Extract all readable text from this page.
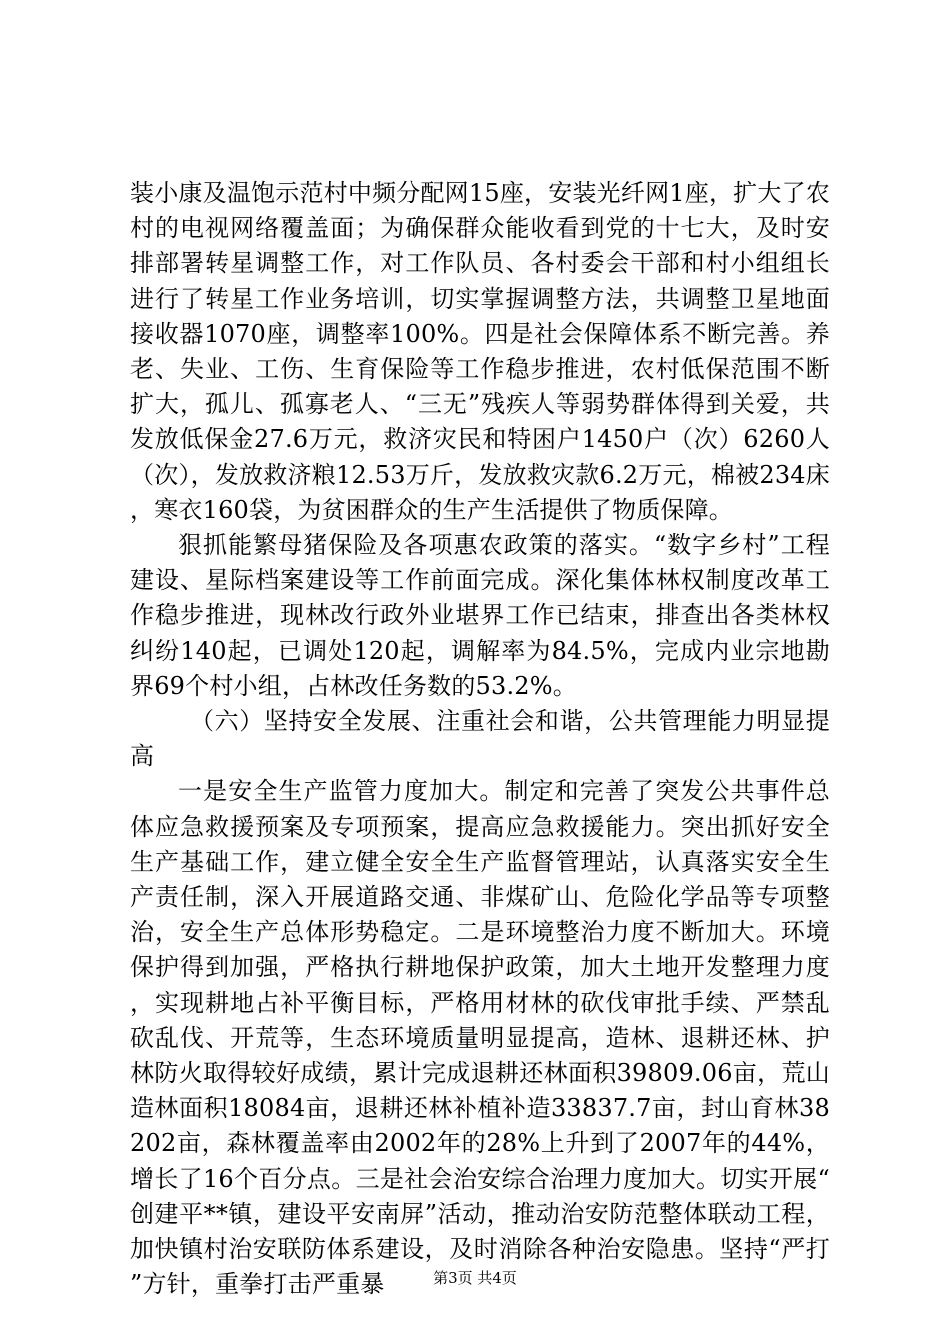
装小康及温饱示范村中频分配网15座，安装光纤网1座，扩大了农村的电视网络覆盖面；为确保群众能收看到党的十七大，及时安排部署转星调整工作，对工作队员、各村委会干部和村小组组长进行了转星工作业务培训，切实掌握调整方法，共调整卫星地面接收器1070座，调整率100%。四是社会保障体系不断完善。养老、失业、工伤、生育保险等工作稳步推进，农村低保范围不断扩大，孤儿、孤寡老人、“三无”残疾人等弱势群体得到关爱，共发放低保金27.6万元，救济灾民和特困户1450户（次）6260人（次），发放救济粮12.53万斤，发放救灾款6.2万元，棉被234床，寒衣160袋，为贫困群众的生产生活提供了物质保障。

狠抓能繁母猪保险及各项惠农政策的落实。“数字乡村”工程建设、星际档案建设等工作前面完成。深化集体林权制度改革工作稳步推进，现林改行政外业堪界工作已结束，排查出各类林权纠纷140起，已调处120起，调解率为84.5%，完成内业宗地勘界69个村小组，占林改任务数的53.2%。

（六）坚持安全发展、注重社会和谐，公共管理能力明显提高

一是安全生产监管力度加大。制定和完善了突发公共事件总体应急救援预案及专项预案，提高应急救援能力。突出抓好安全生产基础工作，建立健全安全生产监督管理站，认真落实安全生产责任制，深入开展道路交通、非煤矿山、危险化学品等专项整治，安全生产总体形势稳定。二是环境整治力度不断加大。环境保护得到加强，严格执行耕地保护政策，加大土地开发整理力度，实现耕地占补平衡目标，严格用材林的砍伐审批手续、严禁乱砍乱伐、开荒等，生态环境质量明显提高，造林、退耕还林、护林防火取得较好成绩，累计完成退耕还林面积39809.06亩，荒山造林面积18084亩，退耕还林补植补造33837.7亩，封山育林38202亩，森林覆盖率由2002年的28%上升到了2007年的44%，增长了16个百分点。三是社会治安综合治理力度加大。切实开展“创建平**镇，建设平安南屏”活动，推动治安防范整体联动工程，加快镇村治安联防体系建设，及时消除各种治安隐患。坚持“严打”方针，重拳打击严重暴	第3页 共4页
